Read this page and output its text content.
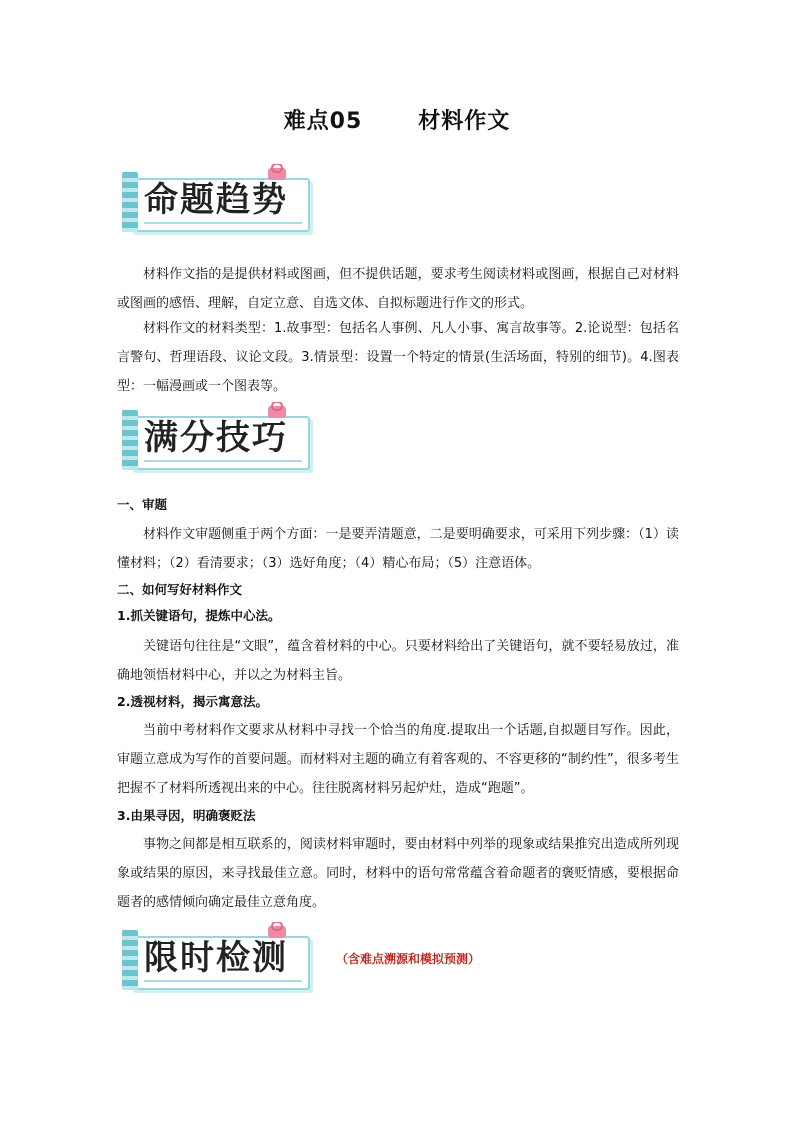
难点05	材料作文
命题趋势
材料作文指的是提供材料或图画，但不提供话题，要求考生阅读材料或图画，根据自己对材料或图画的感悟、理解，自定立意、自选文体、自拟标题进行作文的形式。
材料作文的材料类型：1.故事型：包括名人事例、凡人小事、寓言故事等。2.论说型：包括名言警句、哲理语段、议论文段。3.情景型：设置一个特定的情景(生活场面，特别的细节)。4.图表型：一幅漫画或一个图表等。
满分技巧
一、审题
材料作文审题侧重于两个方面：一是要弄清题意，二是要明确要求，可采用下列步骤：（1）读懂材料；（2）看清要求；（3）选好角度；（4）精心布局；（5）注意语体。
二、如何写好材料作文
1.抓关键语句，提炼中心法。
关键语句往往是“文眼”，蕴含着材料的中心。只要材料给出了关键语句，就不要轻易放过，准确地领悟材料中心，并以之为材料主旨。
2.透视材料，揭示寓意法。
当前中考材料作文要求从材料中寻找一个恰当的角度.提取出一个话题,自拟题目写作。因此，审题立意成为写作的首要问题。而材料对主题的确立有着客观的、不容更移的“制约性”，很多考生把握不了材料所透视出来的中心。往往脱离材料另起炉灶，造成“跑题”。
3.由果寻因，明确褒贬法
事物之间都是相互联系的，阅读材料审题时，要由材料中列举的现象或结果推究出造成所列现象或结果的原因，来寻找最佳立意。同时，材料中的语句常常蕴含着命题者的褒贬情感，要根据命题者的感情倾向确定最佳立意角度。
限时检测	（含难点溯源和模拟预测）
